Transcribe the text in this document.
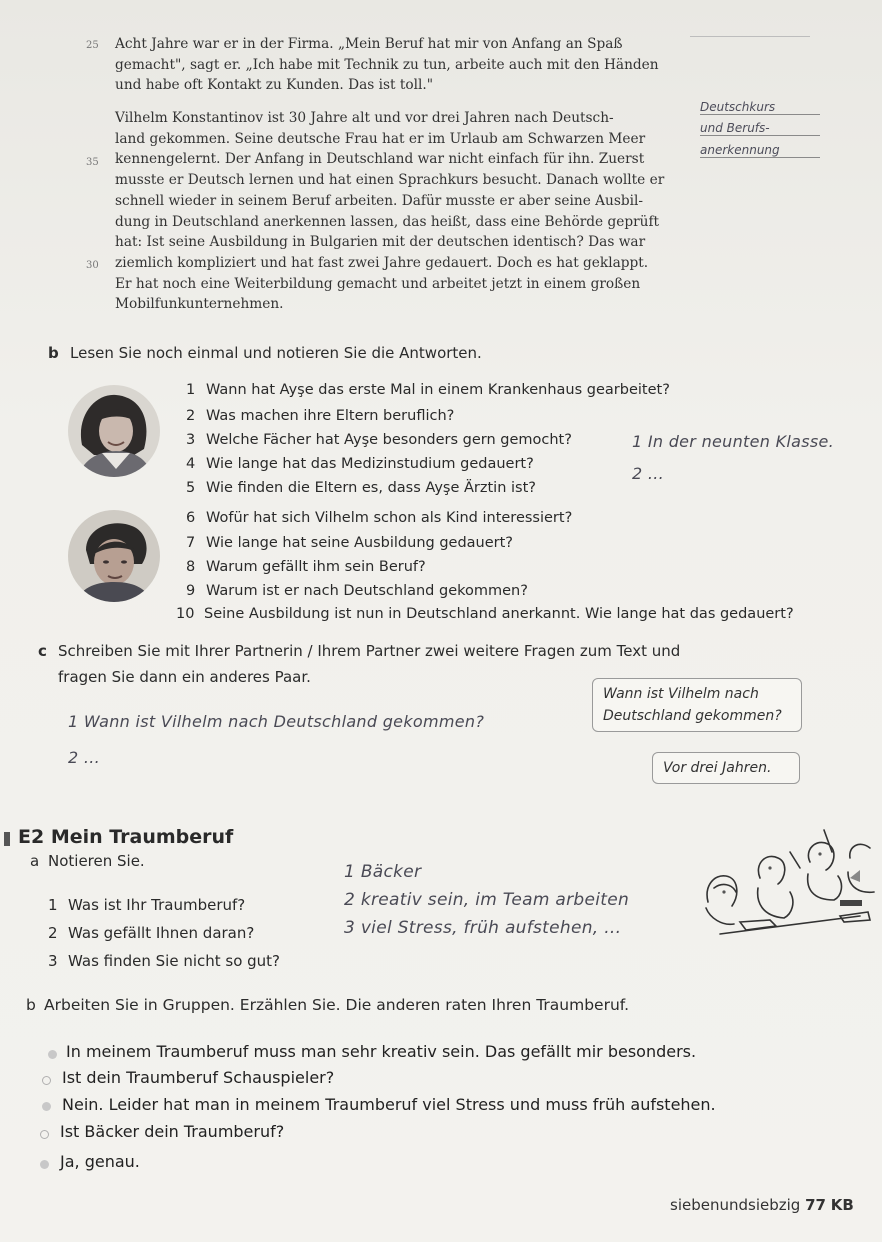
25 Acht Jahre war er in der Firma. „Mein Beruf hat mir von Anfang an Spaß

gemacht", sagt er. „Ich habe mit Technik zu tun, arbeite auch mit den Händen

und habe oft Kontakt zu Kunden. Das ist toll."

35
30

Vilhelm Konstantinov ist 30 Jahre alt und vor drei Jahren nach Deutsch-

land gekommen. Seine deutsche Frau hat er im Urlaub am Schwarzen Meer

kennengelernt. Der Anfang in Deutschland war nicht einfach für ihn. Zuerst

musste er Deutsch lernen und hat einen Sprachkurs besucht. Danach wollte er

schnell wieder in seinem Beruf arbeiten. Dafür musste er aber seine Ausbil-

dung in Deutschland anerkennen lassen, das heißt, dass eine Behörde geprüft

hat: Ist seine Ausbildung in Bulgarien mit der deutschen identisch? Das war

ziemlich kompliziert und hat fast zwei Jahre gedauert. Doch es hat geklappt.

Er hat noch eine Weiterbildung gemacht und arbeitet jetzt in einem großen

Mobilfunkunternehmen.

Deutschkurs
und Berufs-
anerkennung
b Lesen Sie noch einmal und notieren Sie die Antworten.
1 Wann hat Ayşe das erste Mal in einem Krankenhaus gearbeitet?
2 Was machen ihre Eltern beruflich?
3 Welche Fächer hat Ayşe besonders gern gemocht?
4 Wie lange hat das Medizinstudium gedauert?
5 Wie finden die Eltern es, dass Ayşe Ärztin ist?
1 In der neunten Klasse.
2 ...
6 Wofür hat sich Vilhelm schon als Kind interessiert?
7 Wie lange hat seine Ausbildung gedauert?
8 Warum gefällt ihm sein Beruf?
9 Warum ist er nach Deutschland gekommen?
10 Seine Ausbildung ist nun in Deutschland anerkannt. Wie lange hat das gedauert?
c Schreiben Sie mit Ihrer Partnerin / Ihrem Partner zwei weitere Fragen zum Text und
fragen Sie dann ein anderes Paar.
1 Wann ist Vilhelm nach Deutschland gekommen?
2 ...
Wann ist Vilhelm nach
Deutschland gekommen?
Vor drei Jahren.
E2 Mein Traumberuf
a Notieren Sie.
1 Was ist Ihr Traumberuf?
2 Was gefällt Ihnen daran?
3 Was finden Sie nicht so gut?
1 Bäcker
2 kreativ sein, im Team arbeiten
3 viel Stress, früh aufstehen, ...
b Arbeiten Sie in Gruppen. Erzählen Sie. Die anderen raten Ihren Traumberuf.
In meinem Traumberuf muss man sehr kreativ sein. Das gefällt mir besonders.
Ist dein Traumberuf Schauspieler?
Nein. Leider hat man in meinem Traumberuf viel Stress und muss früh aufstehen.
Ist Bäcker dein Traumberuf?
Ja, genau.
siebenundsiebzig 77 KB
